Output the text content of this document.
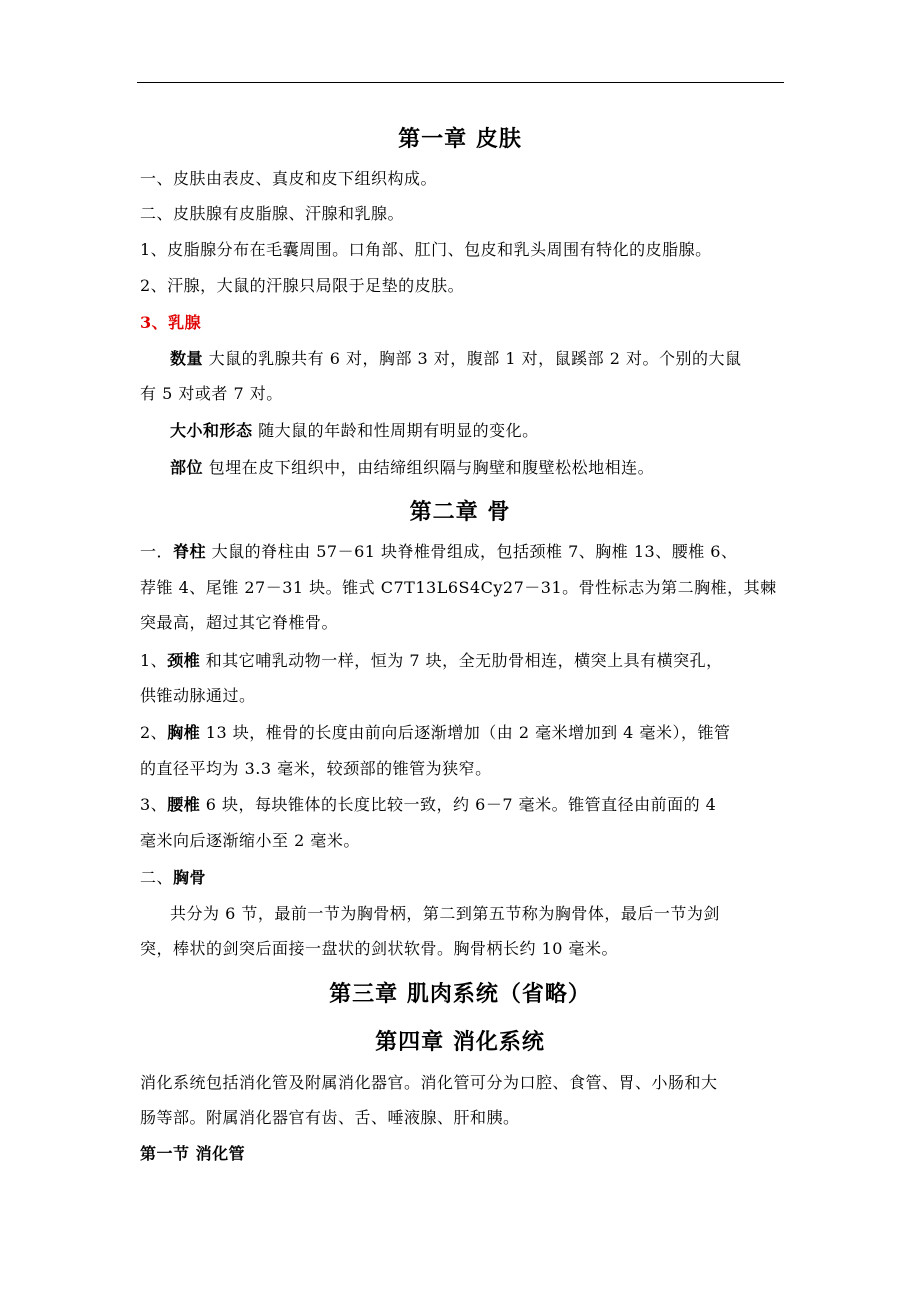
第一章 皮肤
一、皮肤由表皮、真皮和皮下组织构成。
二、皮肤腺有皮脂腺、汗腺和乳腺。
1、皮脂腺分布在毛囊周围。口角部、肛门、包皮和乳头周围有特化的皮脂腺。
2、汗腺，大鼠的汗腺只局限于足垫的皮肤。
3、乳腺
数量 大鼠的乳腺共有 6 对，胸部 3 对，腹部 1 对，鼠蹊部 2 对。个别的大鼠
有 5 对或者 7 对。
大小和形态 随大鼠的年龄和性周期有明显的变化。
部位 包埋在皮下组织中，由结缔组织隔与胸壁和腹壁松松地相连。
第二章 骨
一．脊柱 大鼠的脊柱由 57－61 块脊椎骨组成，包括颈椎 7、胸椎 13、腰椎 6、
荐锥 4、尾锥 27－31 块。锥式 C7T13L6S4Cy27－31。骨性标志为第二胸椎，其棘
突最高，超过其它脊椎骨。
1、颈椎 和其它哺乳动物一样，恒为 7 块，全无肋骨相连，横突上具有横突孔，
供锥动脉通过。
2、胸椎 13 块，椎骨的长度由前向后逐渐增加（由 2 毫米增加到 4 毫米），锥管
的直径平均为 3.3 毫米，较颈部的锥管为狭窄。
3、腰椎 6 块，每块锥体的长度比较一致，约 6－7 毫米。锥管直径由前面的 4
毫米向后逐渐缩小至 2 毫米。
二、胸骨
共分为 6 节，最前一节为胸骨柄，第二到第五节称为胸骨体，最后一节为剑
突，棒状的剑突后面接一盘状的剑状软骨。胸骨柄长约 10 毫米。
第三章 肌肉系统（省略）
第四章 消化系统
消化系统包括消化管及附属消化器官。消化管可分为口腔、食管、胃、小肠和大
肠等部。附属消化器官有齿、舌、唾液腺、肝和胰。
第一节 消化管
